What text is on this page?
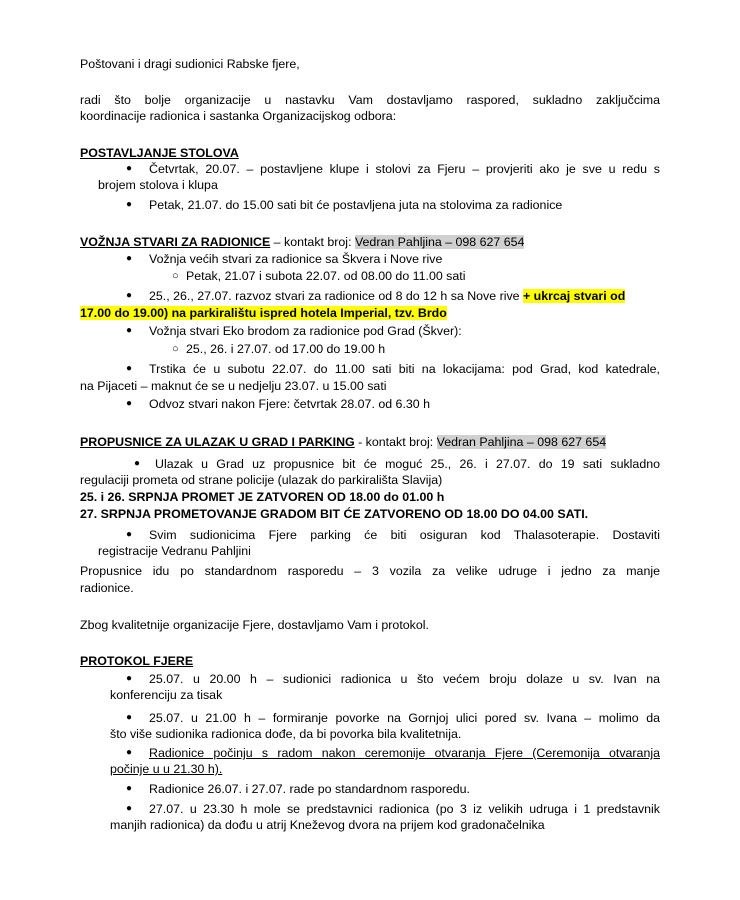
Poštovani i dragi sudionici Rabske fjere,
radi što bolje organizacije u nastavku Vam dostavljamo raspored, sukladno zaključcima
koordinacije radionica i sastanka Organizacijskog odbora:
POSTAVLJANJE STOLOVA
● Četvrtak, 20.07. – postavljene klupe i stolovi za Fjeru – provjeriti ako je sve u redu s
brojem stolova i klupa
● Petak, 21.07. do 15.00 sati bit će postavljena juta na stolovima za radionice
VOŽNJA STVARI ZA RADIONICE – kontakt broj: Vedran Pahljina – 098 627 654
● Vožnja većih stvari za radionice sa Škvera i Nove rive
○ Petak, 21.07 i subota 22.07. od 08.00 do 11.00 sati
● 25., 26., 27.07. razvoz stvari za radionice od 8 do 12 h sa Nove rive + ukrcaj stvari od
17.00 do 19.00) na parkiralištu ispred hotela Imperial, tzv. Brdo
● Vožnja stvari Eko brodom za radionice pod Grad (Škver):
○ 25., 26. i 27.07. od 17.00 do 19.00 h
● Trstika će u subotu 22.07. do 11.00 sati biti na lokacijama: pod Grad, kod katedrale,
na Pijaceti – maknut će se u nedjelju 23.07. u 15.00 sati
● Odvoz stvari nakon Fjere: četvrtak 28.07. od 6.30 h
PROPUSNICE ZA ULAZAK U GRAD I PARKING - kontakt broj: Vedran Pahljina – 098 627 654
● Ulazak u Grad uz propusnice bit će moguć 25., 26. i 27.07. do 19 sati sukladno
regulaciji prometa od strane policije (ulazak do parkirališta Slavija)
25. i 26. SRPNJA PROMET JE ZATVOREN OD 18.00 do 01.00 h
27. SRPNJA PROMETOVANJE GRADOM BIT ĆE ZATVORENO OD 18.00 DO 04.00 SATI.
● Svim sudionicima Fjere parking će biti osiguran kod Thalasoterapie. Dostaviti
registracije Vedranu Pahljini
Propusnice idu po standardnom rasporedu – 3 vozila za velike udruge i jedno za manje
radionice.
Zbog kvalitetnije organizacije Fjere, dostavljamo Vam i protokol.
PROTOKOL FJERE
● 25.07. u 20.00 h – sudionici radionica u što većem broju dolaze u sv. Ivan na
konferenciju za tisak
● 25.07. u 21.00 h – formiranje povorke na Gornjoj ulici pored sv. Ivana – molimo da
što više sudionika radionica dođe, da bi povorka bila kvalitetnija.
● Radionice počinju s radom nakon ceremonije otvaranja Fjere (Ceremonija otvaranja
počinje u u 21.30 h).
● Radionice 26.07. i 27.07. rade po standardnom rasporedu.
● 27.07. u 23.30 h mole se predstavnici radionica (po 3 iz velikih udruga i 1 predstavnik
manjih radionica) da dođu u atrij Kneževog dvora na prijem kod gradonačelnika
